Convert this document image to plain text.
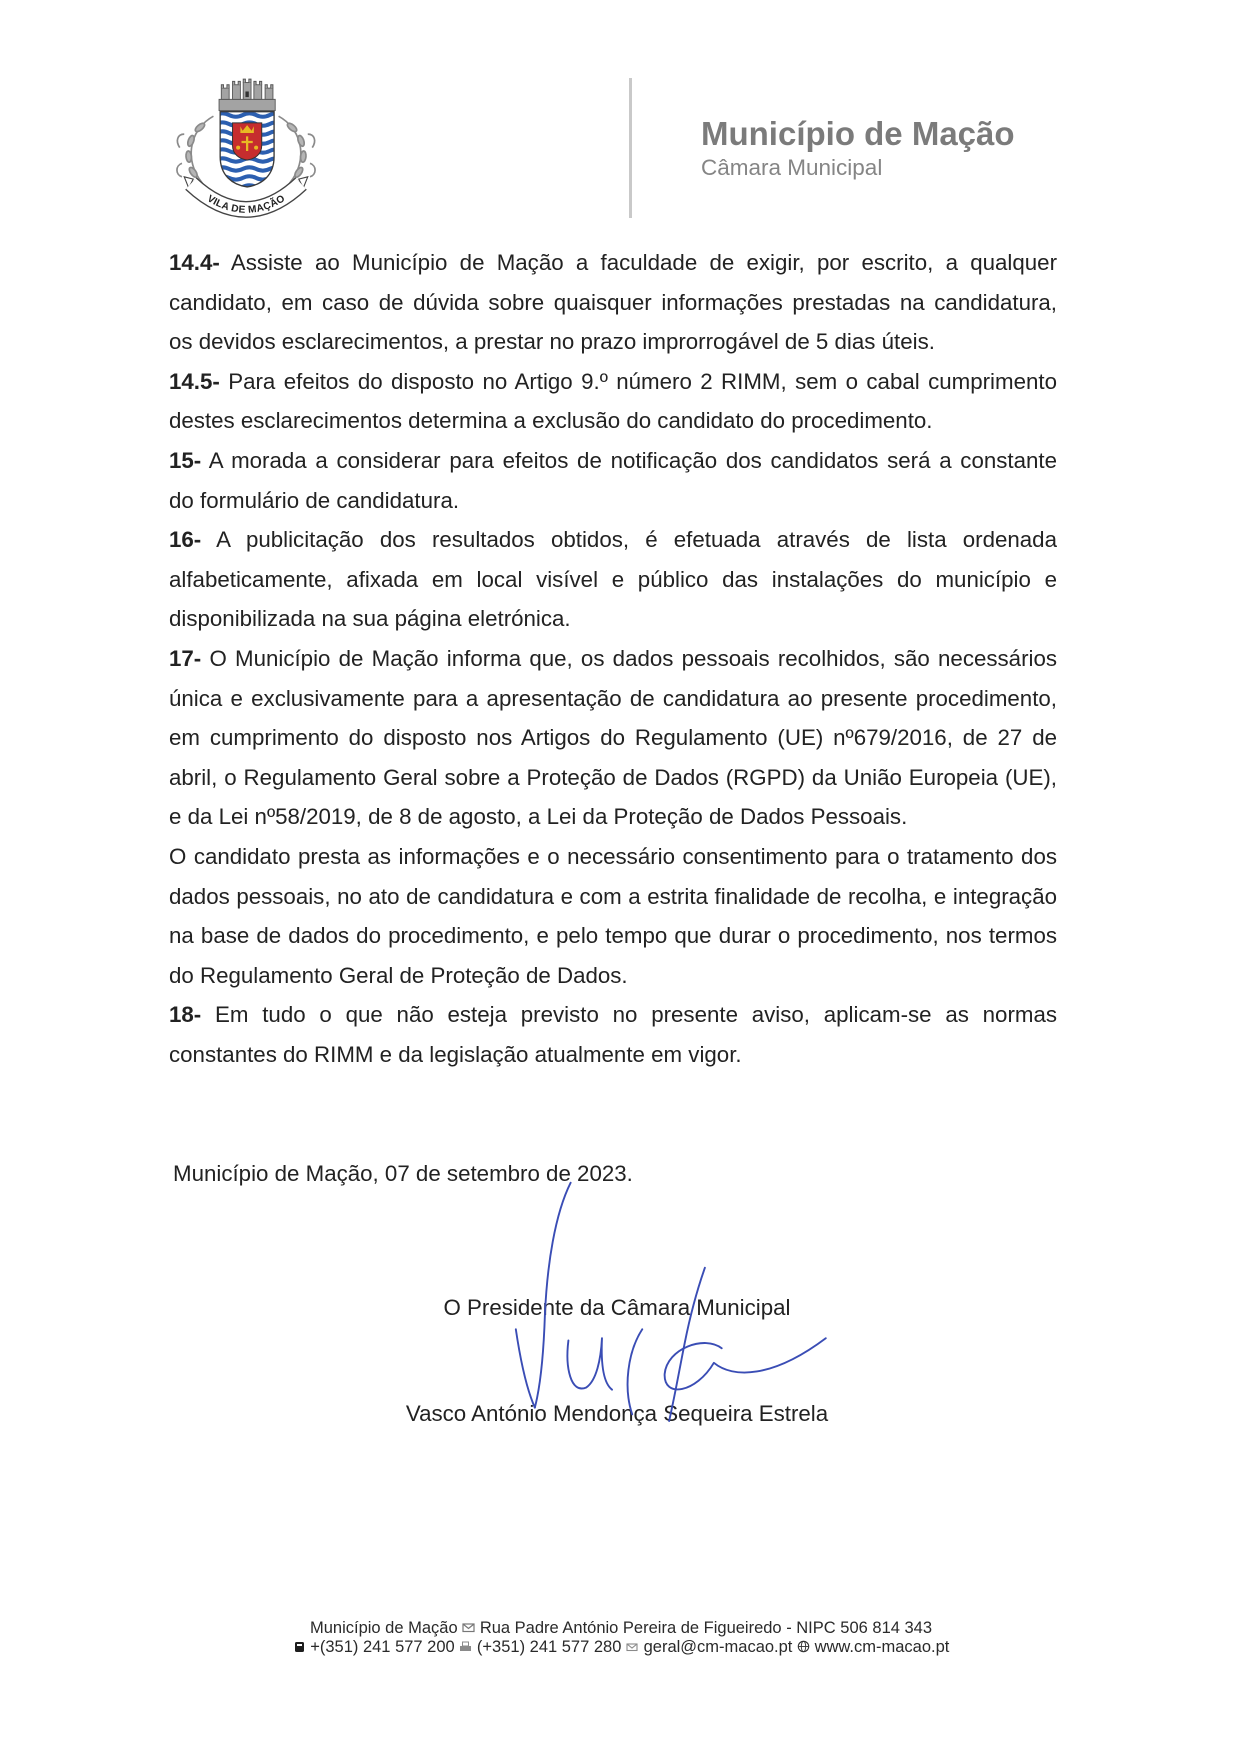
VILA DE MAÇÃO
Município de Mação
Câmara Municipal
14.4- Assiste ao Município de Mação a faculdade de exigir, por escrito, a qualquer
candidato, em caso de dúvida sobre quaisquer informações prestadas na candidatura,
os devidos esclarecimentos, a prestar no prazo improrrogável de 5 dias úteis.
14.5- Para efeitos do disposto no Artigo 9.º número 2 RIMM, sem o cabal cumprimento
destes esclarecimentos determina a exclusão do candidato do procedimento.
15- A morada a considerar para efeitos de notificação dos candidatos será a constante
do formulário de candidatura.
16- A publicitação dos resultados obtidos, é efetuada através de lista ordenada
alfabeticamente, afixada em local visível e público das instalações do município e
disponibilizada na sua página eletrónica.
17- O Município de Mação informa que, os dados pessoais recolhidos, são necessários
única e exclusivamente para a apresentação de candidatura ao presente procedimento,
em cumprimento do disposto nos Artigos do Regulamento (UE) nº679/2016, de 27 de
abril, o Regulamento Geral sobre a Proteção de Dados (RGPD) da União Europeia (UE),
e da Lei nº58/2019, de 8 de agosto, a Lei da Proteção de Dados Pessoais.
O candidato presta as informações e o necessário consentimento para o tratamento dos
dados pessoais, no ato de candidatura e com a estrita finalidade de recolha, e integração
na base de dados do procedimento, e pelo tempo que durar o procedimento, nos termos
do Regulamento Geral de Proteção de Dados.
18- Em tudo o que não esteja previsto no presente aviso, aplicam-se as normas
constantes do RIMM e da legislação atualmente em vigor.
Município de Mação, 07 de setembro de 2023.
O Presidente da Câmara Municipal
Vasco António Mendonça Sequeira Estrela
Município de Mação Rua Padre António Pereira de Figueiredo - NIPC 506 814 343
+(351) 241 577 200 (+351) 241 577 280 geral@cm-macao.pt www.cm-macao.pt
